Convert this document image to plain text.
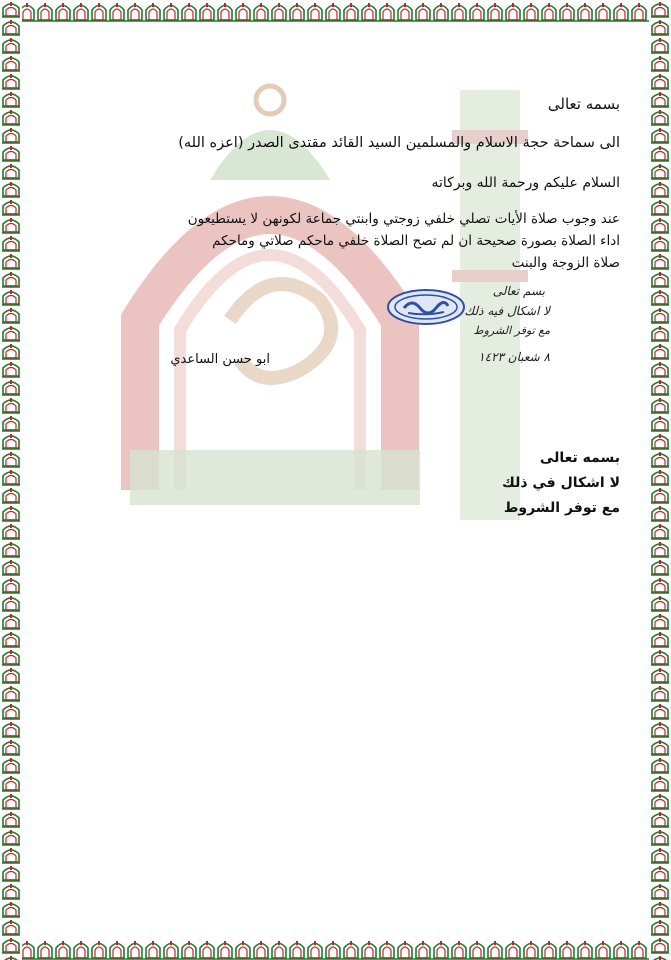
بسمه تعالى
الى سماحة حجة الاسلام والمسلمين السيد القائد مقتدى الصدر (اعزه الله)
السلام عليكم ورحمة الله وبركاته
عند وجوب صلاة الأيات تصلي خلفي زوجتي وابنتي جماعة لكونهن لا يستطيعون
اداء الصلاة بصورة صحيحة ان لم تصح الصلاة خلفي ماحكم صلاتي وماحكم
صلاة الزوجة والبنت
بسم تعالى
لا اشكال فيه ذلك
مع توفر الشروط
٨ شعبان ١٤٢٣
ابو حسن الساعدي
بسمه تعالى
لا اشكال في ذلك
مع توفر الشروط
